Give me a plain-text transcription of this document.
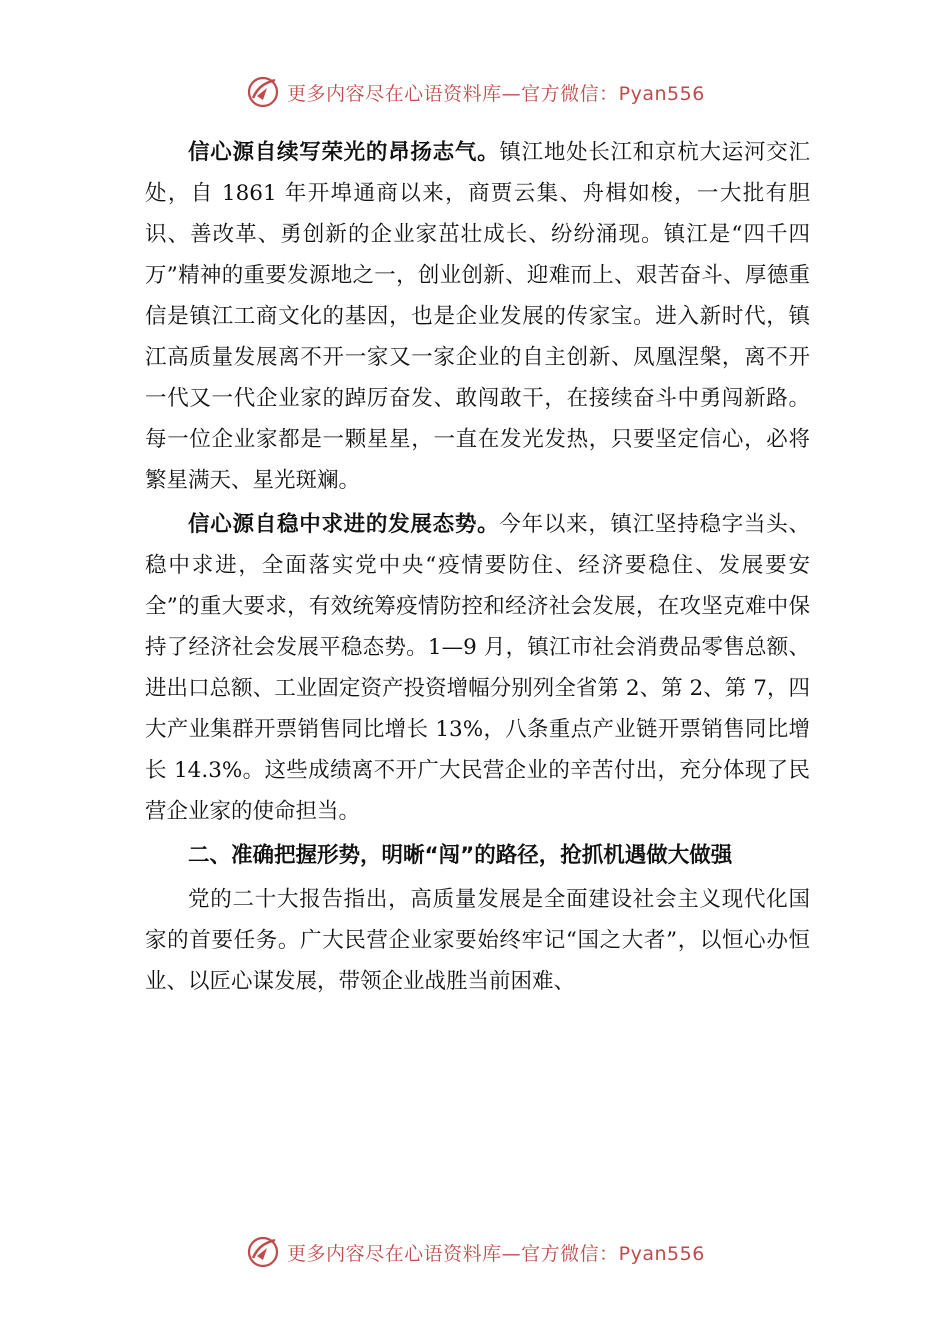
更多内容尽在心语资料库—官方微信：Pyan556

信心源自续写荣光的昂扬志气。镇江地处长江和京杭大运河交汇处，自 1861 年开埠通商以来，商贾云集、舟楫如梭，一大批有胆识、善改革、勇创新的企业家茁壮成长、纷纷涌现。镇江是“四千四万”精神的重要发源地之一，创业创新、迎难而上、艰苦奋斗、厚德重信是镇江工商文化的基因，也是企业发展的传家宝。进入新时代，镇江高质量发展离不开一家又一家企业的自主创新、凤凰涅槃，离不开一代又一代企业家的踔厉奋发、敢闯敢干，在接续奋斗中勇闯新路。 每一位企业家都是一颗星星，一直在发光发热，只要坚定信心，必将繁星满天、星光斑斓。

信心源自稳中求进的发展态势。今年以来，镇江坚持稳字当头、稳中求进，全面落实党中央“疫情要防住、经济要稳住、发展要安全”的重大要求，有效统筹疫情防控和经济社会发展，在攻坚克难中保持了经济社会发展平稳态势。1—9 月，镇江市社会消费品零售总额、进出口总额、工业固定资产投资增幅分别列全省第 2、第 2、第 7，四大产业集群开票销售同比增长 13%，八条重点产业链开票销售同比增长 14.3%。这些成绩离不开广大民营企业的辛苦付出，充分体现了民营企业家的使命担当。

二、准确把握形势，明晰“闯”的路径，抢抓机遇做大做强

党的二十大报告指出，高质量发展是全面建设社会主义现代化国家的首要任务。广大民营企业家要始终牢记“国之大者”，以恒心办恒业、以匠心谋发展，带领企业战胜当前困难、

更多内容尽在心语资料库—官方微信：Pyan556
